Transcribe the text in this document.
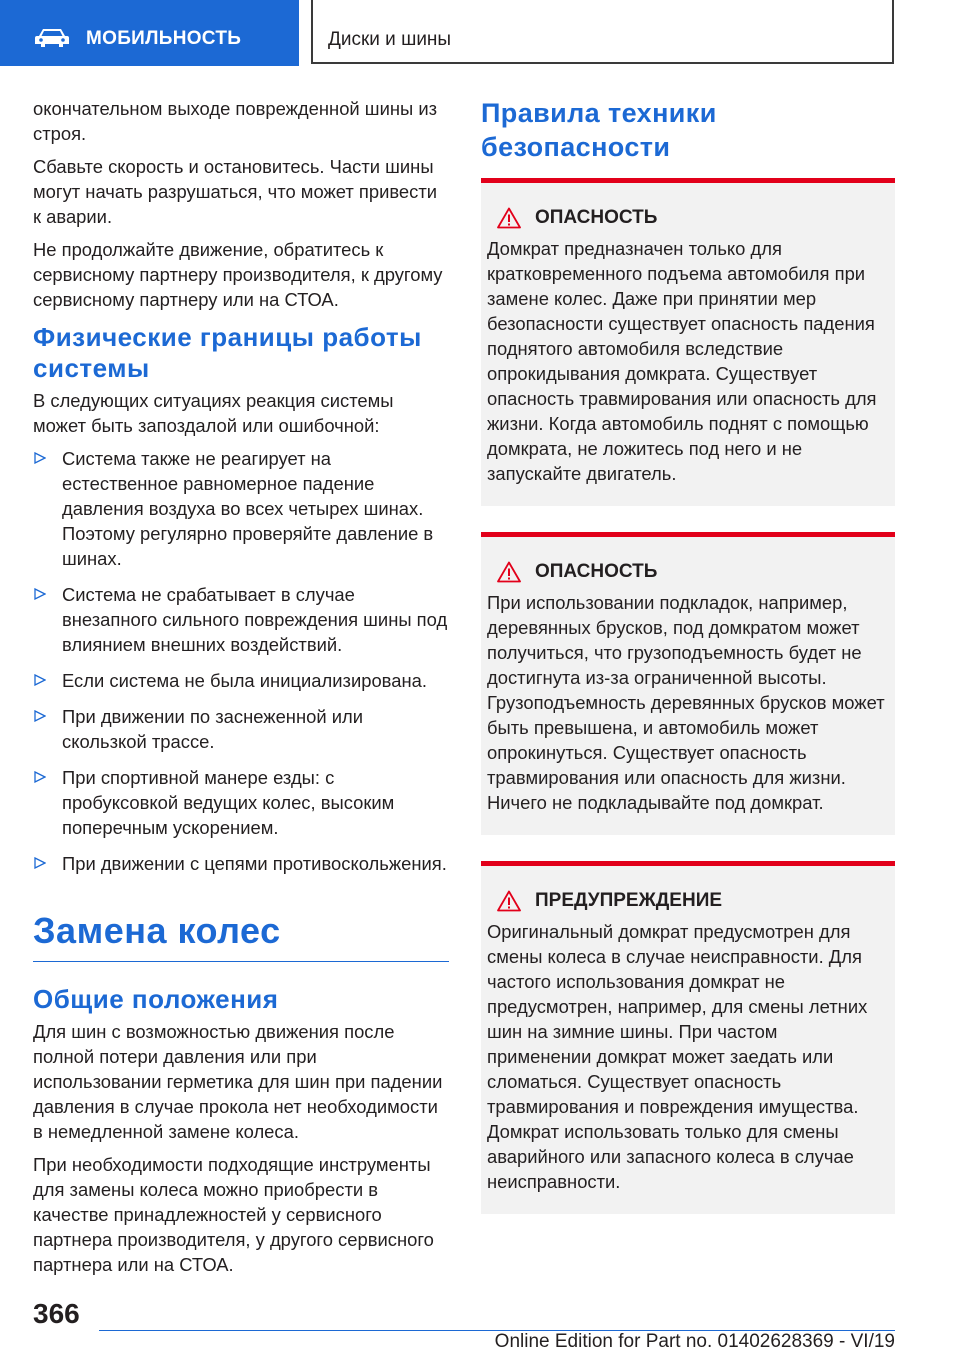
МОБИЛЬНОСТЬ	Диски и шины

окончательном выходе поврежденной шины из строя.

Сбавьте скорость и остановитесь. Части шины могут начать разрушаться, что может привести к аварии.

Не продолжайте движение, обратитесь к сервисному партнеру производителя, к другому сервисному партнеру или на СТОА.

Физические границы работы системы

В следующих ситуациях реакция системы может быть запоздалой или ошибочной:

Система также не реагирует на естественное равномерное падение давления воздуха во всех четырех шинах. Поэтому регулярно проверяйте давление в шинах.
Система не срабатывает в случае внезапного сильного повреждения шины под влиянием внешних воздействий.
Если система не была инициализирована.
При движении по заснеженной или скользкой трассе.
При спортивной манере езды: с пробуксовкой ведущих колес, высоким поперечным ускорением.
При движении с цепями противоскольжения.
Замена колес
Общие положения

Для шин с возможностью движения после полной потери давления или при использовании герметика для шин при падении давления в случае прокола нет необходимости в немедленной замене колеса.

При необходимости подходящие инструменты для замены колеса можно приобрести в качестве принадлежностей у сервисного партнера производителя, у другого сервисного партнера или на СТОА.

Правила техники безопасности
ОПАСНОСТЬ

Домкрат предназначен только для кратковременного подъема автомобиля при замене колес. Даже при принятии мер безопасности существует опасность падения поднятого автомобиля вследствие опрокидывания домкрата. Существует опасность травмирования или опасность для жизни. Когда автомобиль поднят с помощью домкрата, не ложитесь под него и не запускайте двигатель.

ОПАСНОСТЬ

При использовании подкладок, например, деревянных брусков, под домкратом может получиться, что грузоподъемность будет не достигнута из-за ограниченной высоты. Грузоподъемность деревянных брусков может быть превышена, и автомобиль может опрокинуться. Существует опасность травмирования или опасность для жизни. Ничего не подкладывайте под домкрат.

ПРЕДУПРЕЖДЕНИЕ

Оригинальный домкрат предусмотрен для смены колеса в случае неисправности. Для частого использования домкрат не предусмотрен, например, для смены летних шин на зимние шины. При частом применении домкрат может заедать или сломаться. Существует опасность травмирования и повреждения имущества. Домкрат использовать только для смены аварийного или запасного колеса в случае неисправности.

366
Online Edition for Part no. 01402628369 - VI/19
